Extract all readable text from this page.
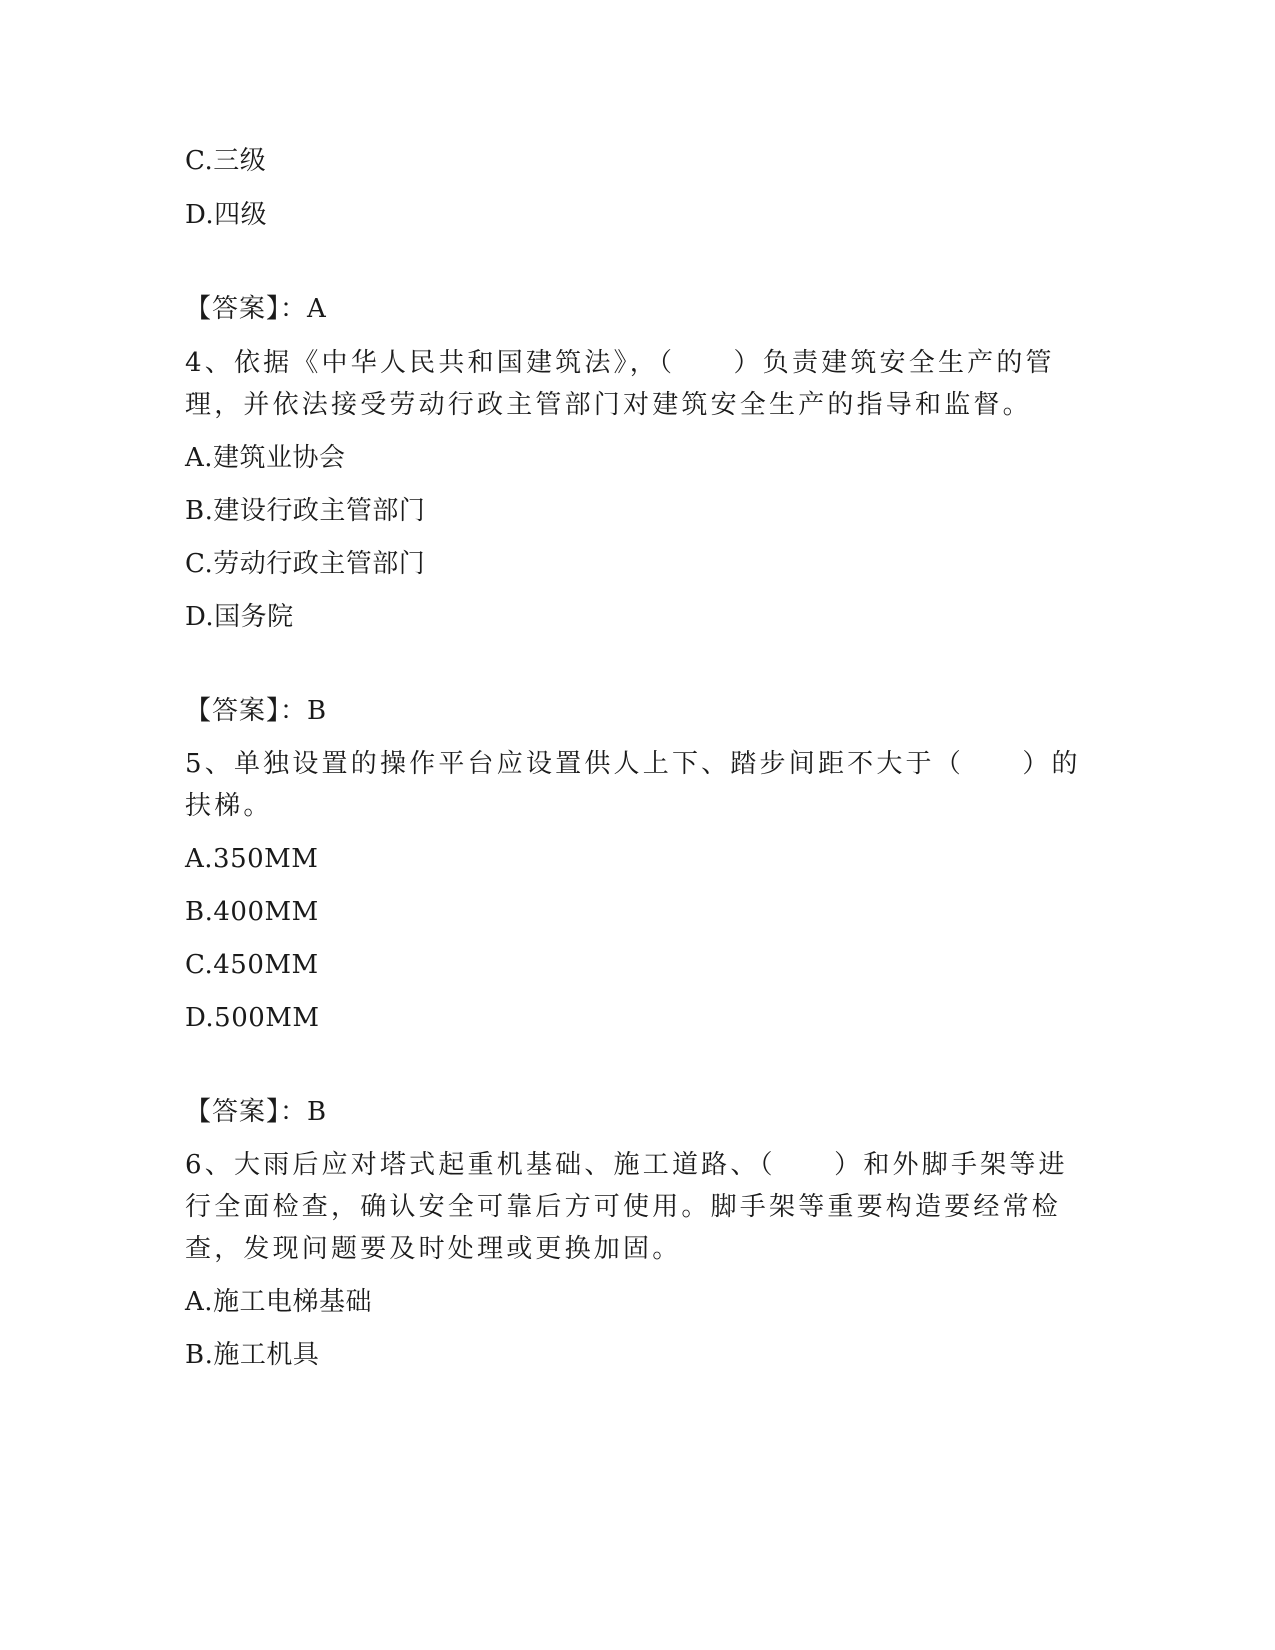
C.三级
D.四级
【答案】：A
4、依据《中华人民共和国建筑法》，（　　）负责建筑安全生产的管
理，并依法接受劳动行政主管部门对建筑安全生产的指导和监督。
A.建筑业协会
B.建设行政主管部门
C.劳动行政主管部门
D.国务院
【答案】：B
5、单独设置的操作平台应设置供人上下、踏步间距不大于（　　）的
扶梯。
A.350MM
B.400MM
C.450MM
D.500MM
【答案】：B
6、大雨后应对塔式起重机基础、施工道路、（　　）和外脚手架等进
行全面检查，确认安全可靠后方可使用。脚手架等重要构造要经常检
查，发现问题要及时处理或更换加固。
A.施工电梯基础
B.施工机具
